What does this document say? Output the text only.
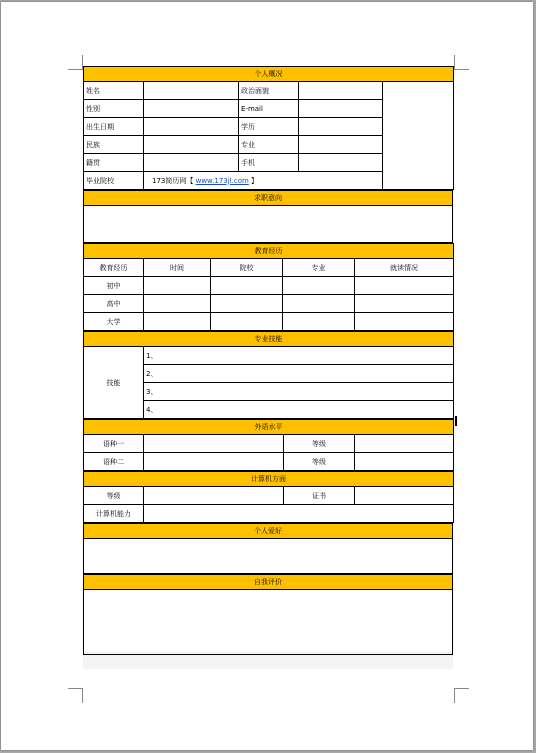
个人概况				
姓名		政治面貌		
性别		E-mail		
出生日期		学历		
民族		专业		
籍贯		手机		
毕业院校	173简历网【 www.173jl.com 】			
求职意向

教育经历				
教育经历	时间	院校	专业	就读情况
初中				
高中				
大学				
专业技能
技能	1、
2、
3、
4、
外语水平			
语种一		等级	
语种二		等级	
计算机方面			
等级		证书	
计算机能力			
个人爱好

自我评价
